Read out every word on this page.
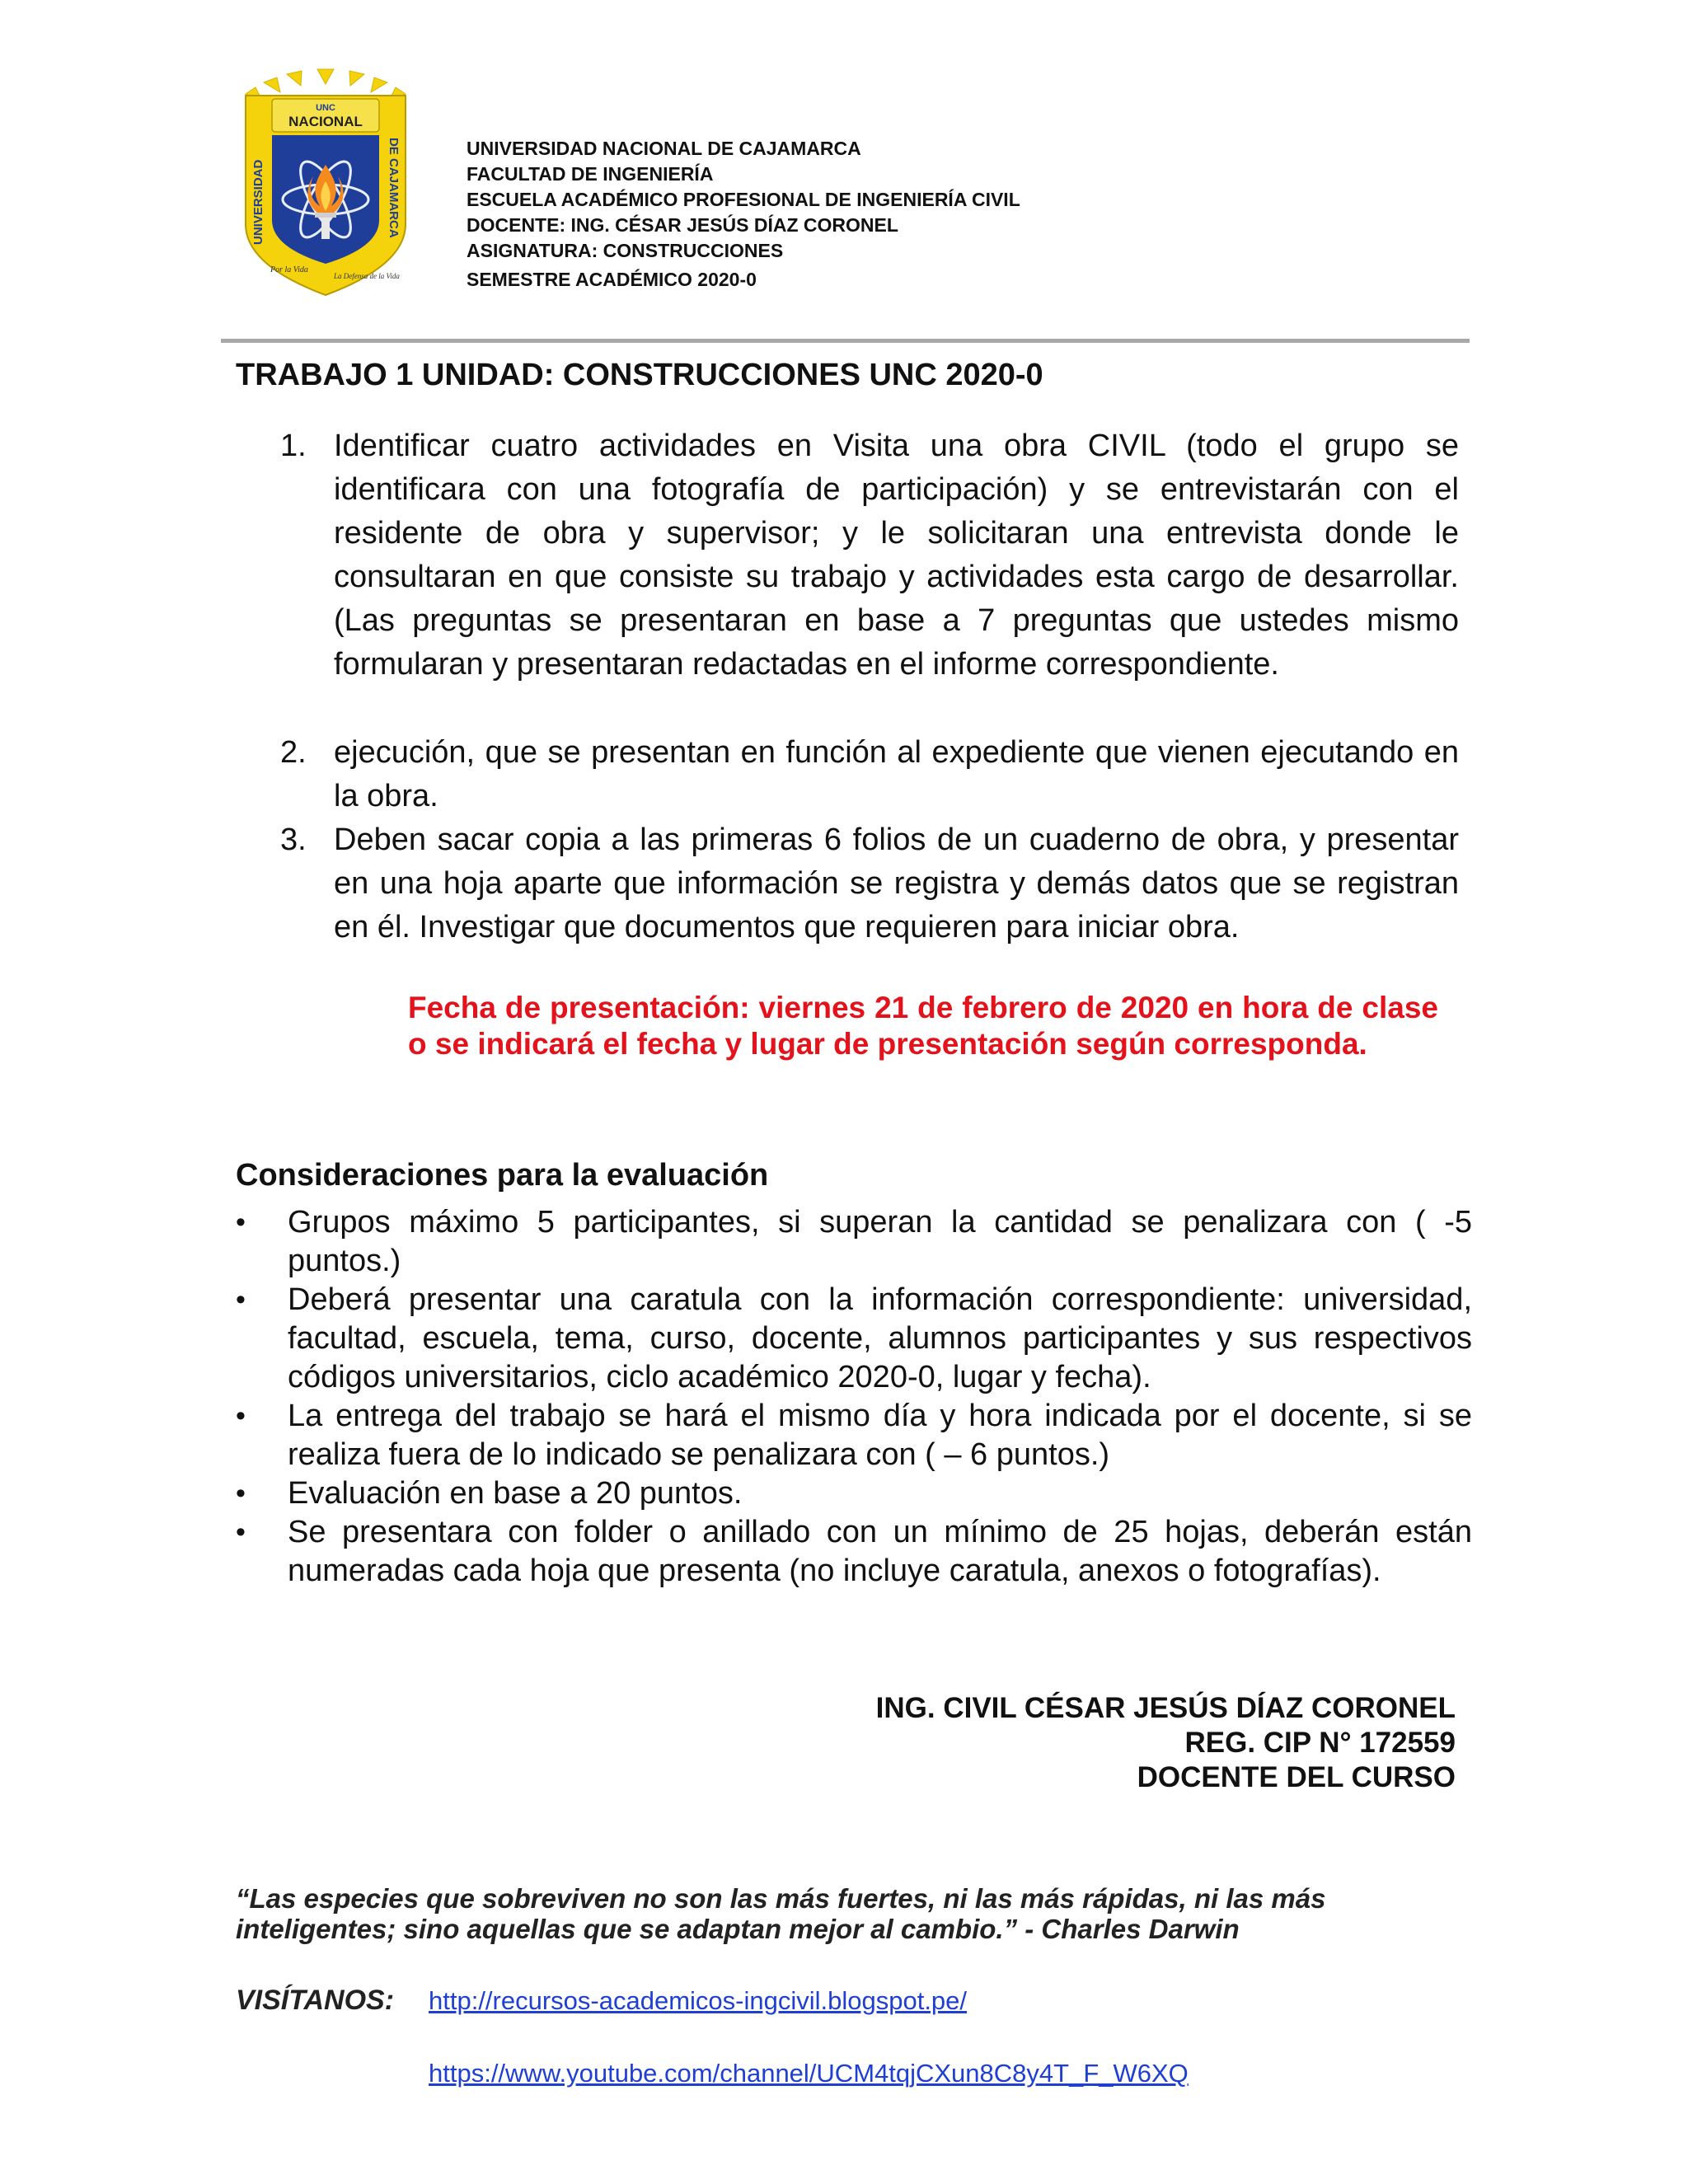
UNC
NACIONAL
UNIVERSIDAD	DE CAJAMARCA
Por la Vida
La Defensa de la Vida
UNIVERSIDAD NACIONAL DE CAJAMARCA
FACULTAD DE INGENIERÍA
ESCUELA ACADÉMICO PROFESIONAL DE INGENIERÍA CIVIL
DOCENTE: ING. CÉSAR JESÚS DÍAZ CORONEL
ASIGNATURA: CONSTRUCCIONES
SEMESTRE ACADÉMICO 2020-0
TRABAJO 1 UNIDAD: CONSTRUCCIONES UNC 2020-0
1. Identificar cuatro actividades en Visita una obra CIVIL (todo el grupo se identificara con una fotografía de participación) y se entrevistarán con el residente de obra y supervisor; y le solicitaran una entrevista donde le consultaran en que consiste su trabajo y actividades esta cargo de desarrollar. (Las preguntas se presentaran en base a 7 preguntas que ustedes mismo formularan y presentaran redactadas en el informe correspondiente.
2. ejecución, que se presentan en función al expediente que vienen ejecutando en la obra.
3. Deben sacar copia a las primeras 6 folios de un cuaderno de obra, y presentar en una hoja aparte que información se registra y demás datos que se registran en él. Investigar que documentos que requieren para iniciar obra.
Fecha de presentación: viernes 21 de febrero de 2020 en hora de clase o se indicará el fecha y lugar de presentación según corresponda.
Consideraciones para la evaluación
• Grupos máximo 5 participantes, si superan la cantidad se penalizara con ( -5 puntos.)
• Deberá presentar una caratula con la información correspondiente: universidad, facultad, escuela, tema, curso, docente, alumnos participantes y sus respectivos códigos universitarios, ciclo académico 2020-0, lugar y fecha).
• La entrega del trabajo se hará el mismo día y hora indicada por el docente, si se realiza fuera de lo indicado se penalizara con ( – 6 puntos.)
• Evaluación en base a 20 puntos.
• Se presentara con folder o anillado con un mínimo de 25 hojas, deberán están numeradas cada hoja que presenta (no incluye caratula, anexos o fotografías).
ING. CIVIL CÉSAR JESÚS DÍAZ CORONEL
REG. CIP N° 172559
DOCENTE DEL CURSO
“Las especies que sobreviven no son las más fuertes, ni las más rápidas, ni las más inteligentes; sino aquellas que se adaptan mejor al cambio.” - Charles Darwin
VISÍTANOS: http://recursos-academicos-ingcivil.blogspot.pe/
https://www.youtube.com/channel/UCM4tqjCXun8C8y4T_F_W6XQ
